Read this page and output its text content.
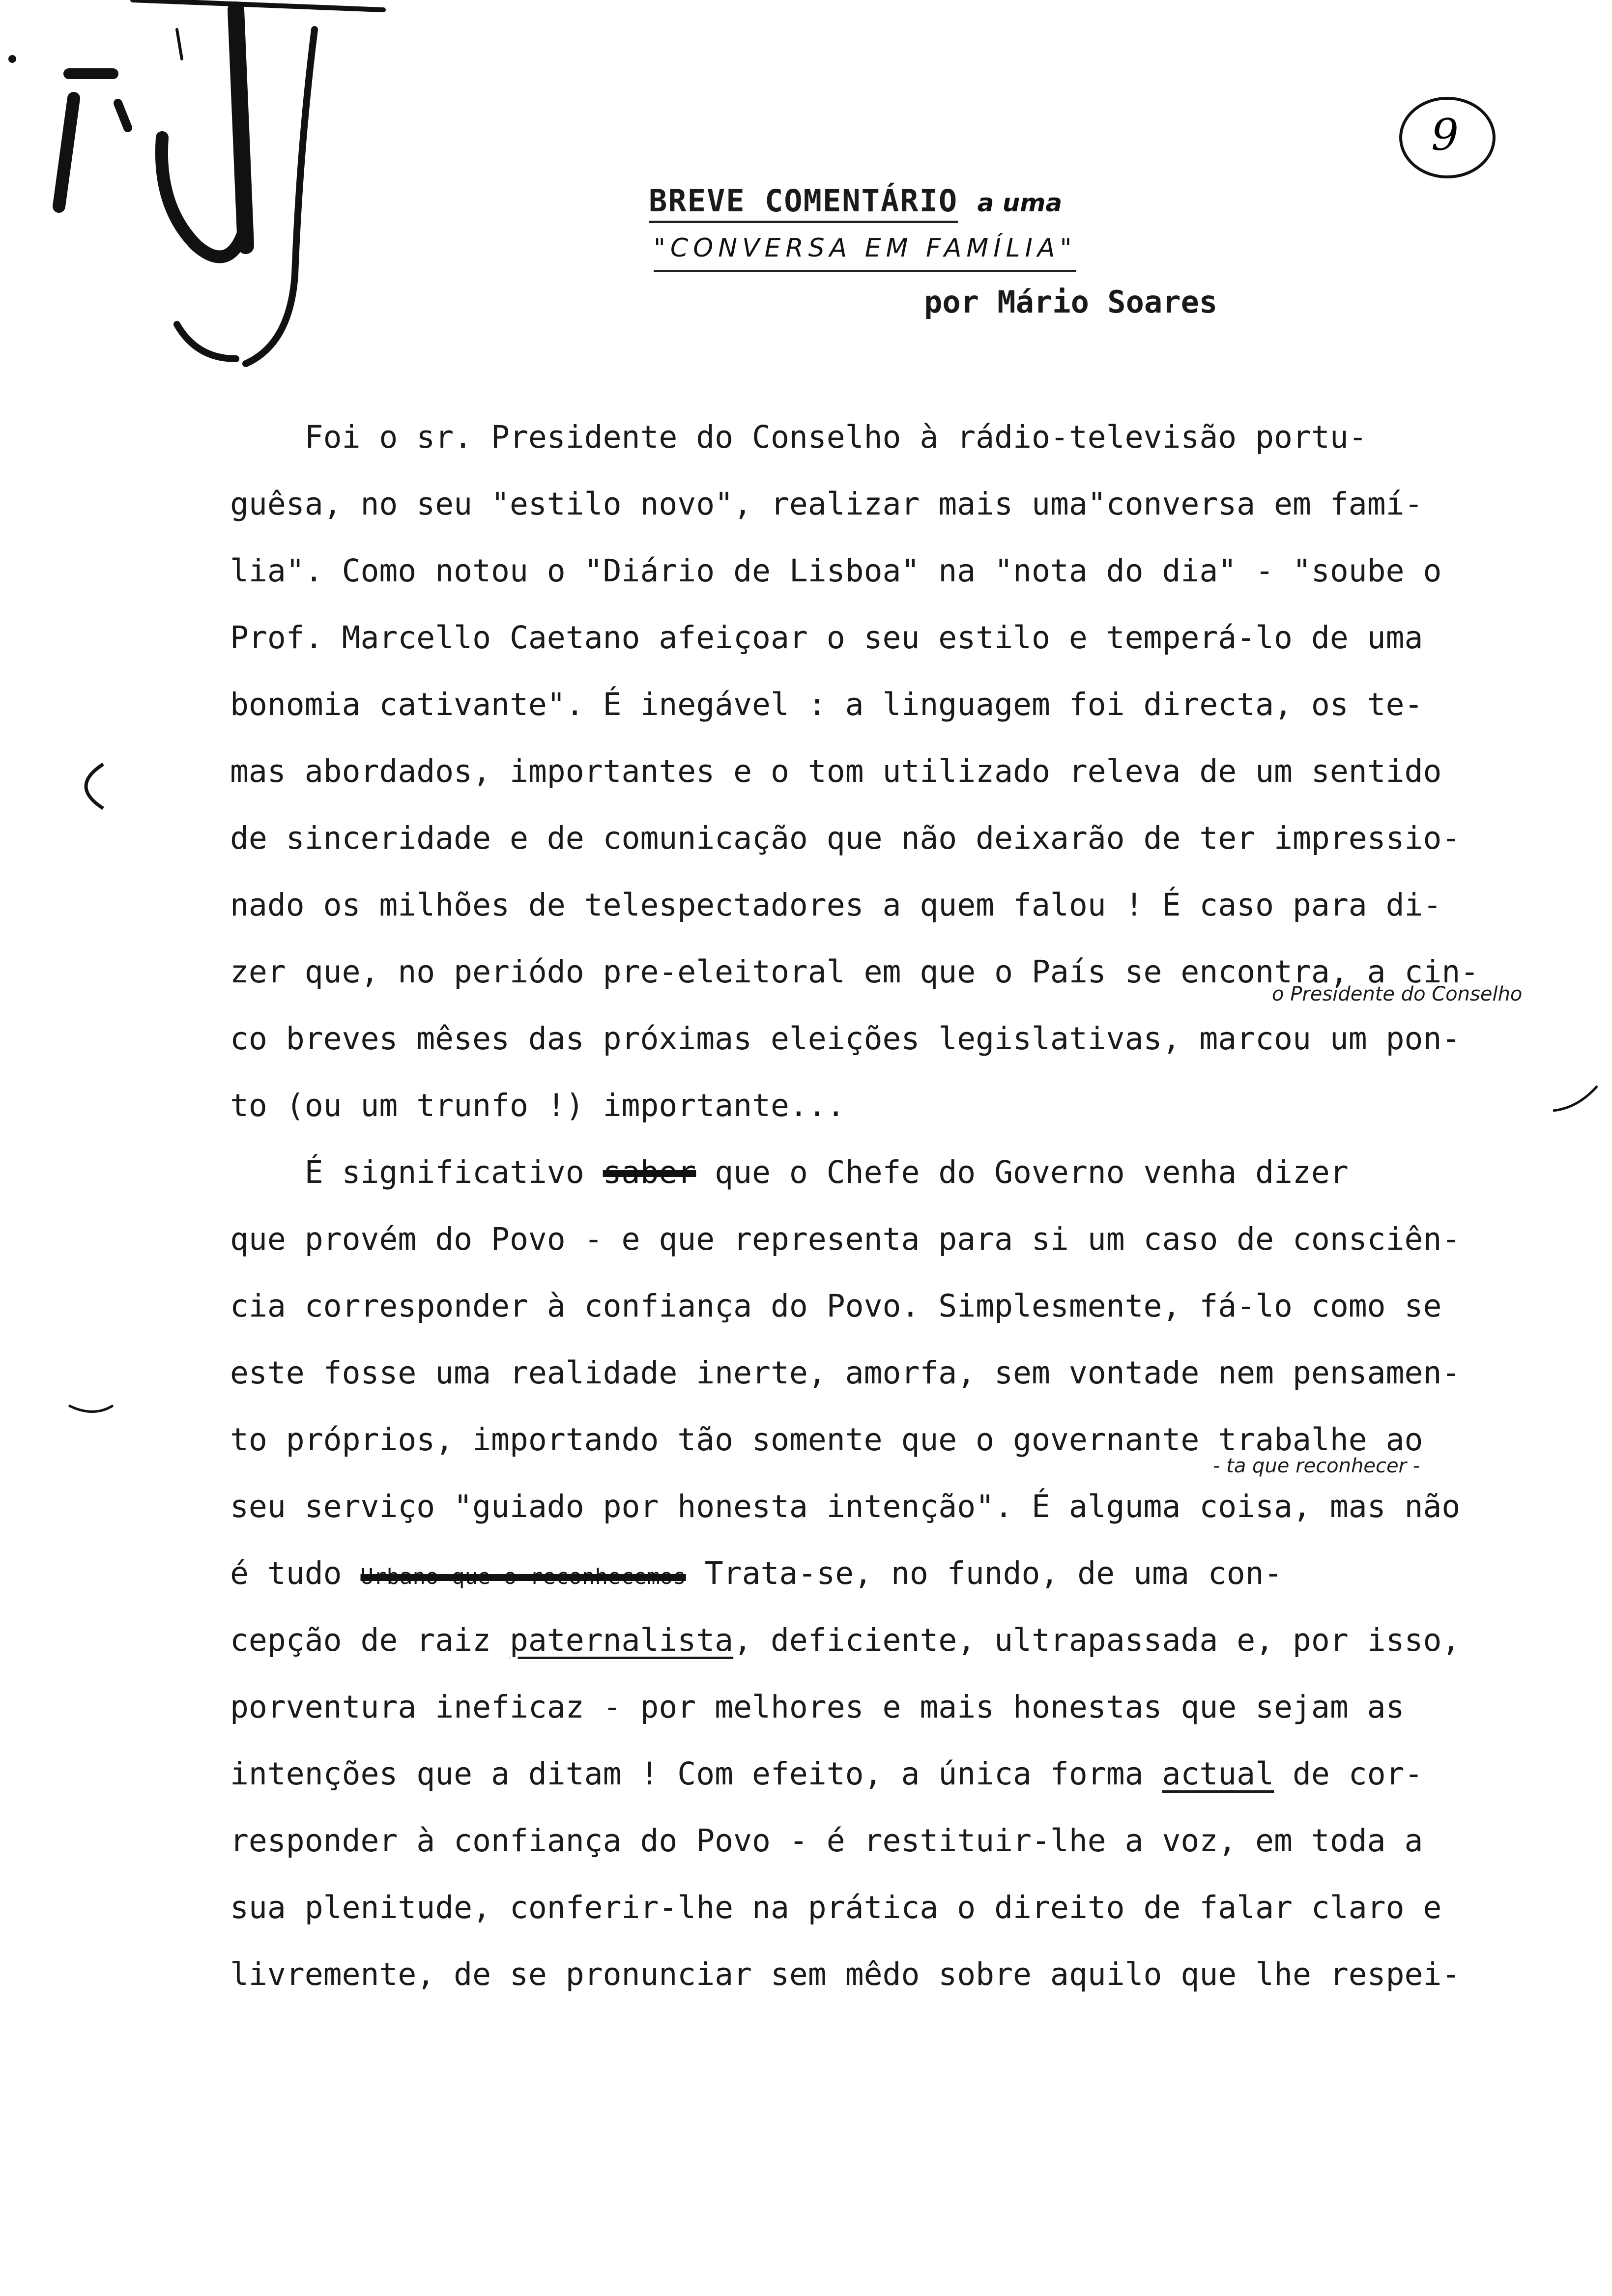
9
BREVE COMENTÁRIO a uma
"CONVERSA EM FAMÍLIA"
por Mário Soares
Foi o sr. Presidente do Conselho à rádio-televisão portu-
guêsa, no seu "estilo novo", realizar mais uma"conversa em famí-
lia". Como notou o "Diário de Lisboa" na "nota do dia" - "soube o
Prof. Marcello Caetano afeiçoar o seu estilo e temperá-lo de uma
bonomia cativante". É inegável : a linguagem foi directa, os te-
mas abordados, importantes e o tom utilizado releva de um sentido
de sinceridade e de comunicação que não deixarão de ter impressio-
nado os milhões de telespectadores a quem falou ! É caso para di-
zer que, no periódo pre-eleitoral em que o País se encontra, a cin-
o Presidente do Conselho
co breves mêses das próximas eleições legislativas, marcou um pon-
to (ou um trunfo !) importante...
É significativo saber que o Chefe do Governo venha dizer
que provém do Povo - e que representa para si um caso de consciên-
cia corresponder à confiança do Povo. Simplesmente, fá-lo como se
este fosse uma realidade inerte, amorfa, sem vontade nem pensamen-
to próprios, importando tão somente que o governante trabalhe ao
- ta que reconhecer -
seu serviço "guiado por honesta intenção". É alguma coisa, mas não
é tudo Urbano que o reconhecemos Trata-se, no fundo, de uma con-
cepção de raiz paternalista, deficiente, ultrapassada e, por isso,
porventura ineficaz - por melhores e mais honestas que sejam as
intenções que a ditam ! Com efeito, a única forma actual de cor-
responder à confiança do Povo - é restituir-lhe a voz, em toda a
sua plenitude, conferir-lhe na prática o direito de falar claro e
livremente, de se pronunciar sem mêdo sobre aquilo que lhe respei-
